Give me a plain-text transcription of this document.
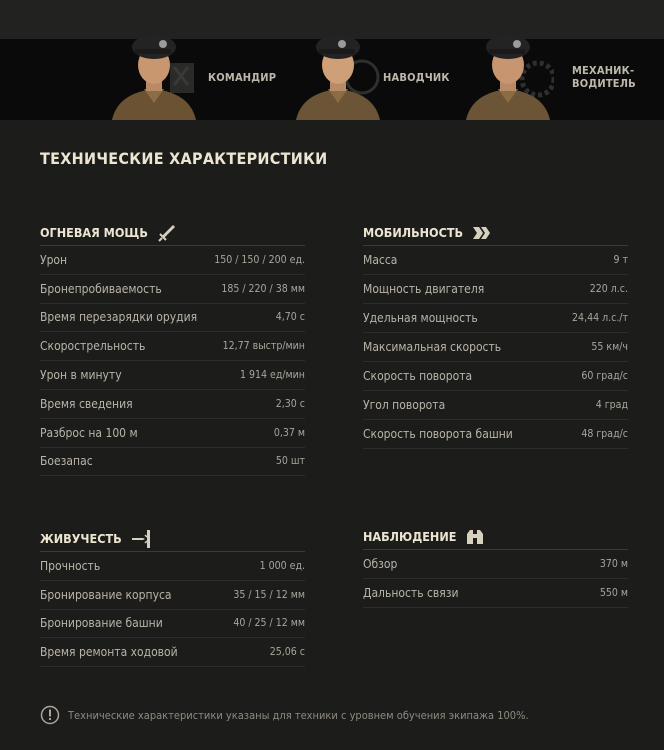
КОМАНДИР	НАВОДЧИК
МЕХАНИК-
ВОДИТЕЛЬ
ТЕХНИЧЕСКИЕ ХАРАКТЕРИСТИКИ
ОГНЕВАЯ МОЩЬ
Урон	150 / 150 / 200 ед.
Бронепробиваемость	185 / 220 / 38 мм
Время перезарядки орудия	4,70 с
Скорострельность	12,77 выстр/мин
Урон в минуту	1 914 ед/мин
Время сведения	2,30 с
Разброс на 100 м	0,37 м
Боезапас	50 шт
МОБИЛЬНОСТЬ
Масса	9 т
Мощность двигателя	220 л.с.
Удельная мощность	24,44 л.с./т
Максимальная скорость	55 км/ч
Скорость поворота	60 град/с
Угол поворота	4 град
Скорость поворота башни	48 град/с
ЖИВУЧЕСТЬ
Прочность	1 000 ед.
Бронирование корпуса	35 / 15 / 12 мм
Бронирование башни	40 / 25 / 12 мм
Время ремонта ходовой	25,06 с
НАБЛЮДЕНИЕ
Обзор	370 м
Дальность связи	550 м
Технические характеристики указаны для техники с уровнем обучения экипажа 100%.
